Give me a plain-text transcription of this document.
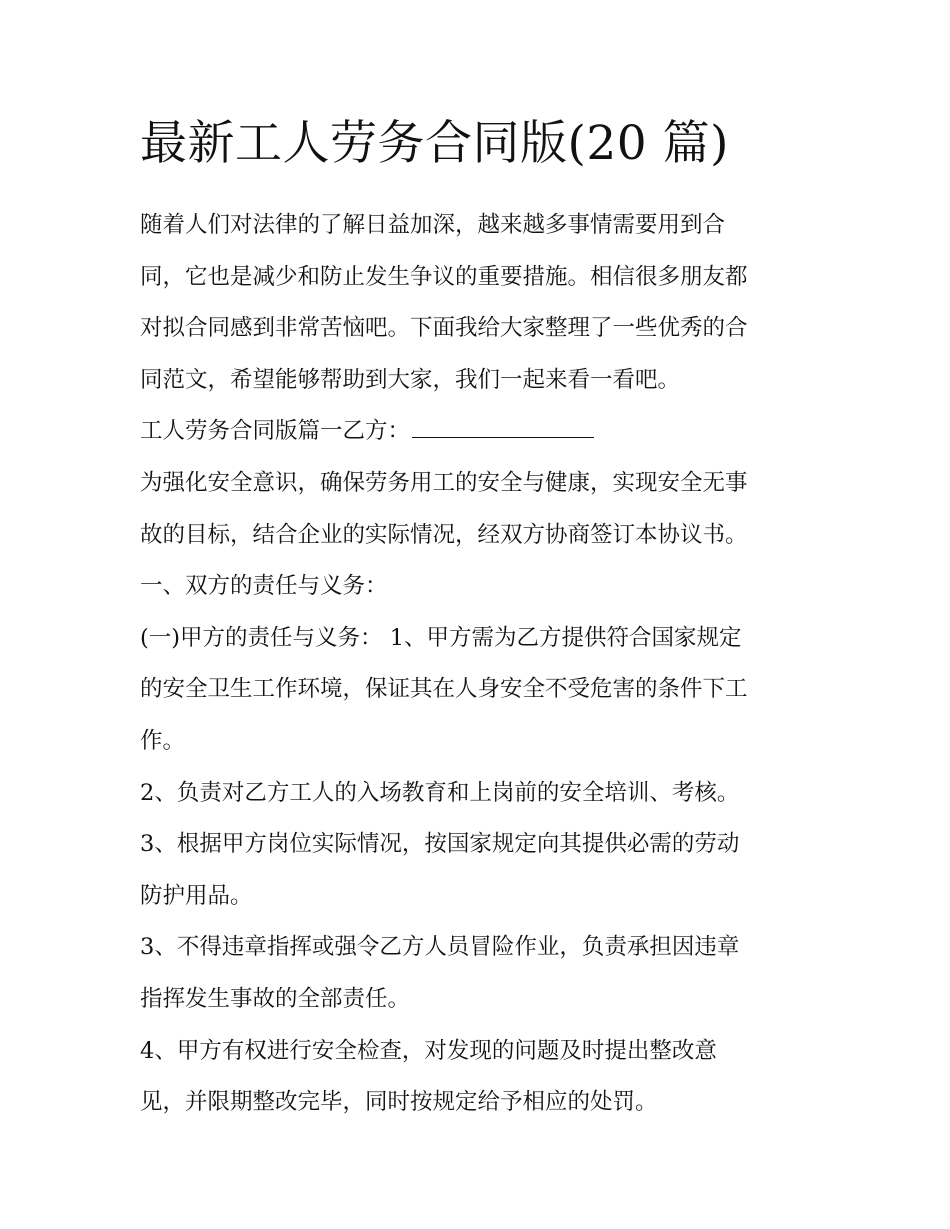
最新工人劳务合同版(20 篇)

随着人们对法律的了解日益加深，越来越多事情需要用到合

同，它也是减少和防止发生争议的重要措施。相信很多朋友都

对拟合同感到非常苦恼吧。下面我给大家整理了一些优秀的合

同范文，希望能够帮助到大家，我们一起来看一看吧。

工人劳务合同版篇一乙方：

为强化安全意识，确保劳务用工的安全与健康，实现安全无事

故的目标，结合企业的实际情况，经双方协商签订本协议书。

一、双方的责任与义务：

(一)甲方的责任与义务： 1、甲方需为乙方提供符合国家规定

的安全卫生工作环境，保证其在人身安全不受危害的条件下工

作。

2、负责对乙方工人的入场教育和上岗前的安全培训、考核。

3、根据甲方岗位实际情况，按国家规定向其提供必需的劳动

防护用品。

3、不得违章指挥或强令乙方人员冒险作业，负责承担因违章

指挥发生事故的全部责任。

4、甲方有权进行安全检查，对发现的问题及时提出整改意

见，并限期整改完毕，同时按规定给予相应的处罚。
